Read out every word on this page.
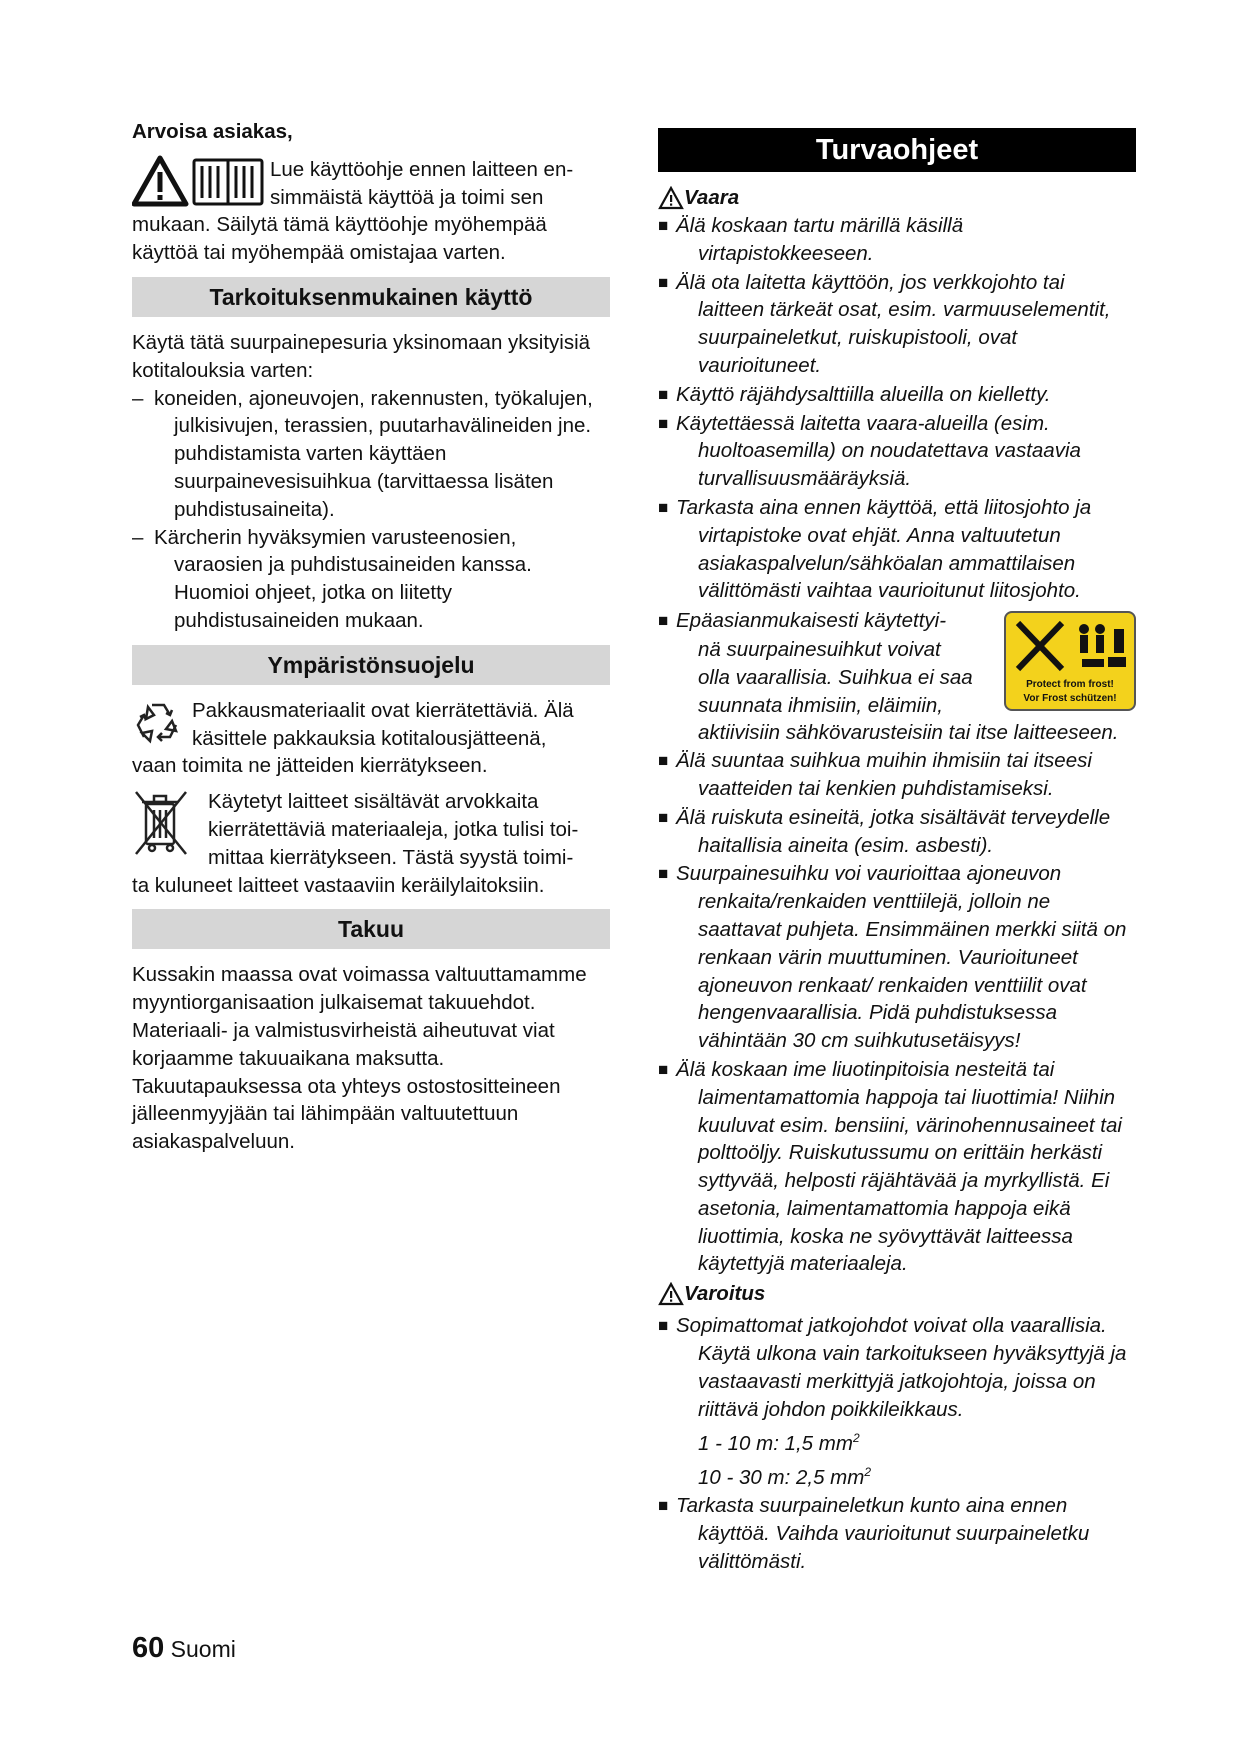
Arvoisa asiakas,

Lue käyttöohje ennen laitteen en-
simmäistä käyttöä ja toimi sen

mukaan. Säilytä tämä käyttöohje myöhempää käyttöä tai myöhempää omistajaa varten.

Tarkoituksenmukainen käyttö

Käytä tätä suurpainepesuria yksinomaan yksityisiä kotitalouksia varten:

– koneiden, ajoneuvojen, rakennusten, työkalujen, julkisivujen, terassien, puutarhavälineiden jne. puhdistamista varten käyttäen suurpainevesisuihkua (tarvittaessa lisäten puhdistusaineita).
– Kärcherin hyväksymien varusteenosien, varaosien ja puhdistusaineiden kanssa. Huomioi ohjeet, jotka on liitetty puhdistusaineiden mukaan.
Ympäristönsuojelu
Pakkausmateriaalit ovat kierrätettäviä. Älä
käsittele pakkauksia kotitalousjätteenä,

vaan toimita ne jätteiden kierrätykseen.

Käytetyt laitteet sisältävät arvokkaita
kierrätettäviä materiaaleja, jotka tulisi toi-
mittaa kierrätykseen. Tästä syystä toimi-

ta kuluneet laitteet vastaaviin keräilylaitoksiin.

Takuu

Kussakin maassa ovat voimassa valtuuttamamme myyntiorganisaation julkaisemat takuuehdot. Materiaali- ja valmistusvirheistä aiheutuvat viat korjaamme takuuaikana maksutta. Takuutapauksessa ota yhteys ostostositteineen jälleenmyyjään tai lähimpään valtuutettuun asiakaspalveluun.

Turvaohjeet
Vaara
■ Älä koskaan tartu märillä käsillä virtapistokkeeseen.
■ Älä ota laitetta käyttöön, jos verkkojohto tai laitteen tärkeät osat, esim. varmuuselementit, suurpaineletkut, ruiskupistooli, ovat vaurioituneet.
■ Käyttö räjähdysalttiilla alueilla on kielletty.
■ Käytettäessä laitetta vaara-alueilla (esim. huoltoasemilla) on noudatettava vastaavia turvallisuusmääräyksiä.
■ Tarkasta aina ennen käyttöä, että liitosjohto ja virtapistoke ovat ehjät. Anna valtuutetun asiakaspalvelun/sähköalan ammattilaisen välittömästi vaihtaa vaurioitunut liitosjohto.
■ Epäasianmukaisesti käytettyi-
nä suurpainesuihkut voivat
olla vaarallisia. Suihkua ei saa
suunnata ihmisiin, eläimiin,
Protect from frost!
Vor Frost schützen!
aktiivisiin sähkövarusteisiin tai itse laitteeseen.
■ Älä suuntaa suihkua muihin ihmisiin tai itseesi vaatteiden tai kenkien puhdistamiseksi.
■ Älä ruiskuta esineitä, jotka sisältävät terveydelle haitallisia aineita (esim. asbesti).
■ Suurpainesuihku voi vaurioittaa ajoneuvon renkaita/renkaiden venttiilejä, jolloin ne saattavat puhjeta. Ensimmäinen merkki siitä on renkaan värin muuttuminen. Vaurioituneet ajoneuvon renkaat/ renkaiden venttiilit ovat hengenvaarallisia. Pidä puhdistuksessa vähintään 30 cm suihkutusetäisyys!
■ Älä koskaan ime liuotinpitoisia nesteitä tai laimentamattomia happoja tai liuottimia! Niihin kuuluvat esim. bensiini, värinohennusaineet tai polttoöljy. Ruiskutussumu on erittäin herkästi syttyvää, helposti räjähtävää ja myrkyllistä. Ei asetonia, laimentamattomia happoja eikä liuottimia, koska ne syövyttävät laitteessa käytettyjä materiaaleja.
Varoitus
■ Sopimattomat jatkojohdot voivat olla vaarallisia. Käytä ulkona vain tarkoitukseen hyväksyttyjä ja vastaavasti merkittyjä jatkojohtoja, joissa on riittävä johdon poikkileikkaus.
1 - 10 m: 1,5 $mm^2$
10 - 30 m: 2,5 $mm^2$
■ Tarkasta suurpaineletkun kunto aina ennen käyttöä. Vaihda vaurioitunut suurpaineletku välittömästi.
60 Suomi
